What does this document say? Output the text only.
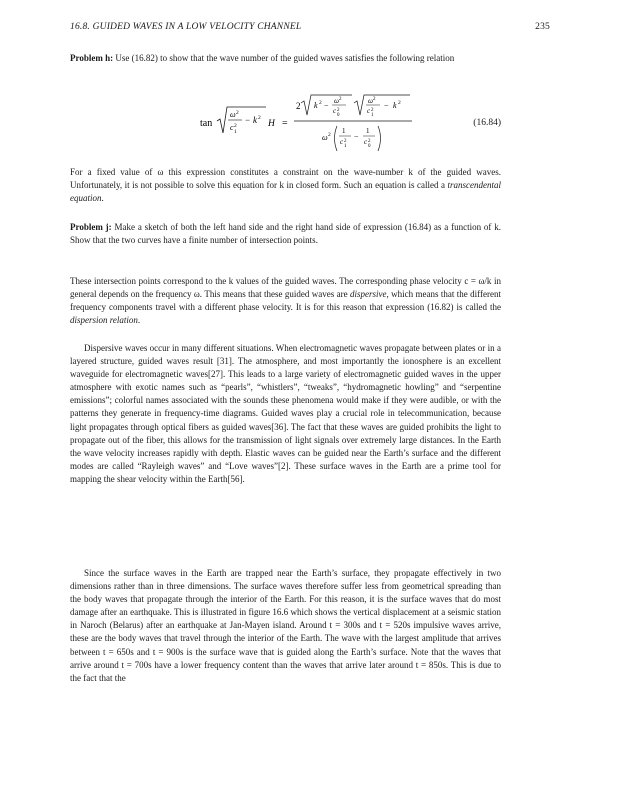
16.8. GUIDED WAVES IN A LOW VELOCITY CHANNEL	235
Problem h: Use (16.82) to show that the wave number of the guided waves satisfies the following relation
tan
ω 2
c 2
1
− k 2
H =
2 k 2 − ω 2
c 2
0
ω 2
c 2
1
− k 2
ω 2 1
c 2
1
−
1
c 2
0
(16.84)
For a fixed value of ω this expression constitutes a constraint on the wave-number k of the guided waves. Unfortunately, it is not possible to solve this equation for k in closed form. Such an equation is called a transcendental equation.
Problem j: Make a sketch of both the left hand side and the right hand side of expression (16.84) as a function of k. Show that the two curves have a finite number of intersection points.
These intersection points correspond to the k values of the guided waves. The corresponding phase velocity c = ω/k in general depends on the frequency ω. This means that these guided waves are dispersive, which means that the different frequency components travel with a different phase velocity. It is for this reason that expression (16.82) is called the dispersion relation.
Dispersive waves occur in many different situations. When electromagnetic waves propagate between plates or in a layered structure, guided waves result [31]. The atmosphere, and most importantly the ionosphere is an excellent waveguide for electromagnetic waves[27]. This leads to a large variety of electromagnetic guided waves in the upper atmosphere with exotic names such as “pearls”, “whistlers”, “tweaks”, “hydromagnetic howling” and “serpentine emissions”; colorful names associated with the sounds these phenomena would make if they were audible, or with the patterns they generate in frequency-time diagrams. Guided waves play a crucial role in telecommunication, because light propagates through optical fibers as guided waves[36]. The fact that these waves are guided prohibits the light to propagate out of the fiber, this allows for the transmission of light signals over extremely large distances. In the Earth the wave velocity increases rapidly with depth. Elastic waves can be guided near the Earth’s surface and the different modes are called “Rayleigh waves” and “Love waves”[2]. These surface waves in the Earth are a prime tool for mapping the shear velocity within the Earth[56].
Since the surface waves in the Earth are trapped near the Earth’s surface, they propagate effectively in two dimensions rather than in three dimensions. The surface waves therefore suffer less from geometrical spreading than the body waves that propagate through the interior of the Earth. For this reason, it is the surface waves that do most damage after an earthquake. This is illustrated in figure 16.6 which shows the vertical displacement at a seismic station in Naroch (Belarus) after an earthquake at Jan-Mayen island. Around t = 300s and t = 520s impulsive waves arrive, these are the body waves that travel through the interior of the Earth. The wave with the largest amplitude that arrives between t = 650s and t = 900s is the surface wave that is guided along the Earth’s surface. Note that the waves that arrive around t = 700s have a lower frequency content than the waves that arrive later around t = 850s. This is due to the fact that the
